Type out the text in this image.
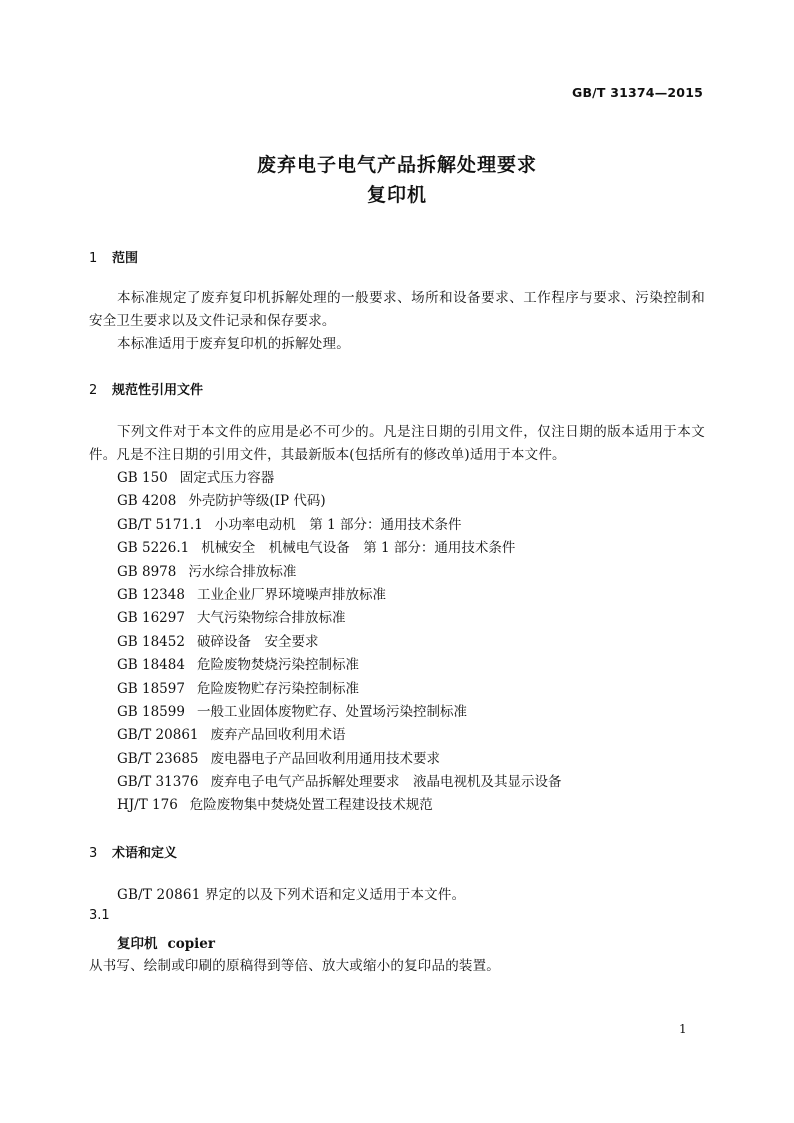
GB/T 31374—2015
废弃电子电气产品拆解处理要求
复印机
1 范围

本标准规定了废弃复印机拆解处理的一般要求、场所和设备要求、工作程序与要求、污染控制和安全卫生要求以及文件记录和保存要求。

本标准适用于废弃复印机的拆解处理。

2 规范性引用文件

下列文件对于本文件的应用是必不可少的。凡是注日期的引用文件，仅注日期的版本适用于本文件。凡是不注日期的引用文件，其最新版本(包括所有的修改单)适用于本文件。

GB 150 固定式压力容器
GB 4208 外壳防护等级(IP 代码)
GB/T 5171.1 小功率电动机　第 1 部分：通用技术条件
GB 5226.1 机械安全　机械电气设备　第 1 部分：通用技术条件
GB 8978 污水综合排放标准
GB 12348 工业企业厂界环境噪声排放标准
GB 16297 大气污染物综合排放标准
GB 18452 破碎设备　安全要求
GB 18484 危险废物焚烧污染控制标准
GB 18597 危险废物贮存污染控制标准
GB 18599 一般工业固体废物贮存、处置场污染控制标准
GB/T 20861 废弃产品回收利用术语
GB/T 23685 废电器电子产品回收利用通用技术要求
GB/T 31376 废弃电子电气产品拆解处理要求　液晶电视机及其显示设备
HJ/T 176 危险废物集中焚烧处置工程建设技术规范
3 术语和定义

GB/T 20861 界定的以及下列术语和定义适用于本文件。

3.1
复印机 copier

从书写、绘制或印刷的原稿得到等倍、放大或缩小的复印品的装置。

1
